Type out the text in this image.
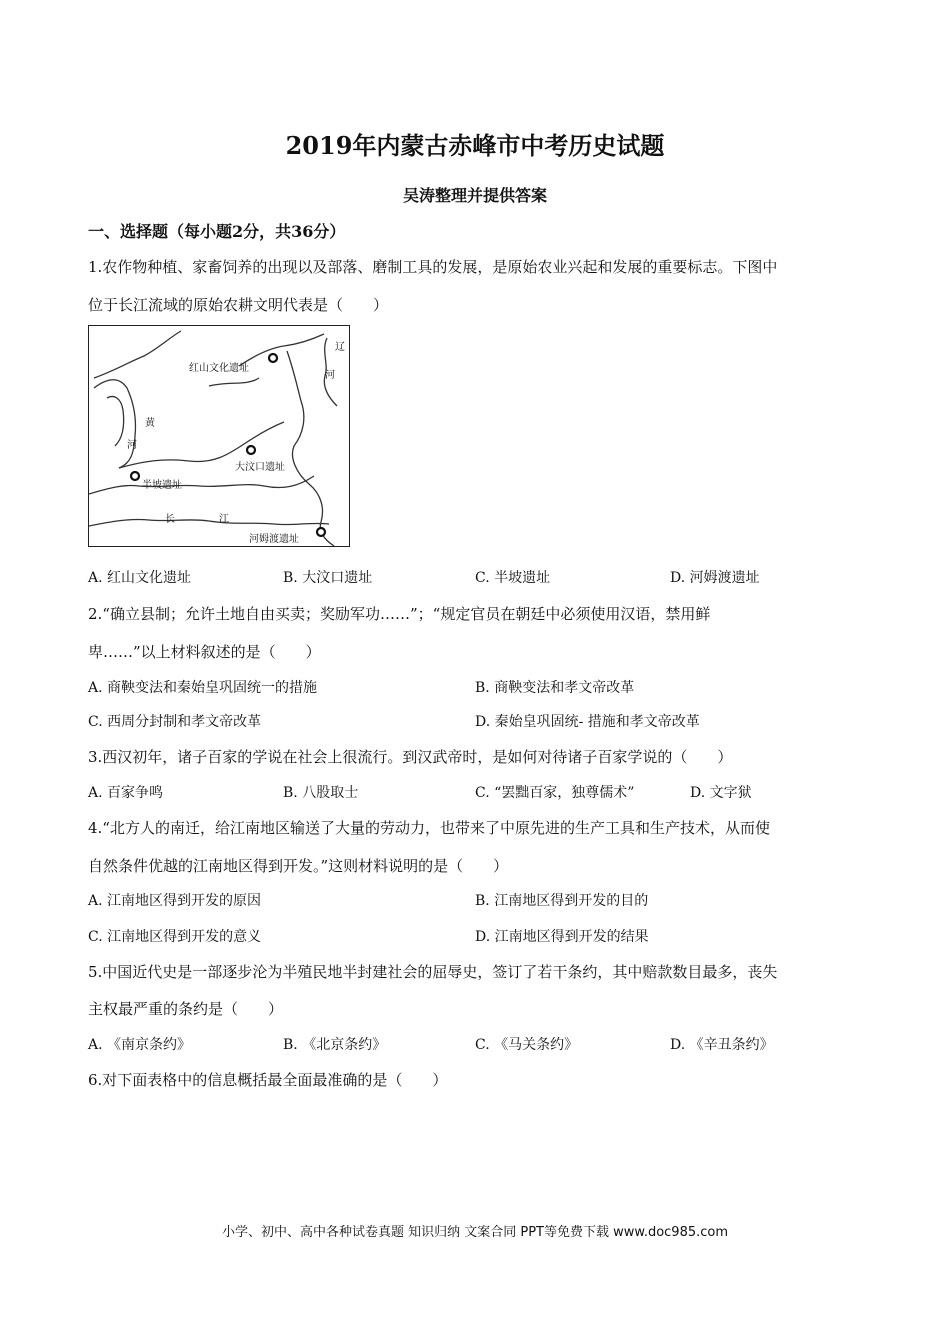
2019年内蒙古赤峰市中考历史试题
吴涛整理并提供答案
一、选择题（每小题2分，共36分）
1.农作物种植、家畜饲养的出现以及部落、磨制工具的发展，是原始农业兴起和发展的重要标志。下图中
位于长江流域的原始农耕文明代表是（　　）
红山文化遗址
大汶口遗址
半坡遗址
河姆渡遗址
辽
河
黄
河
长	江
A. 红山文化遗址	B. 大汶口遗址	C. 半坡遗址	D. 河姆渡遗址
2.“确立县制；允许土地自由买卖；奖励军功……”；“规定官员在朝廷中必须使用汉语，禁用鲜
卑……”以上材料叙述的是（　　）
A. 商鞅变法和秦始皇巩固统一的措施	B. 商鞅变法和孝文帝改革
C. 西周分封制和孝文帝改革	D. 秦始皇巩固统- 措施和孝文帝改革
3.西汉初年，诸子百家的学说在社会上很流行。到汉武帝时，是如何对待诸子百家学说的（　　）
A. 百家争鸣	B. 八股取士	C. “罢黜百家，独尊儒术”	D. 文字狱
4.“北方人的南迁，给江南地区输送了大量的劳动力，也带来了中原先进的生产工具和生产技术，从而使
自然条件优越的江南地区得到开发。”这则材料说明的是（　　）
A. 江南地区得到开发的原因	B. 江南地区得到开发的目的
C. 江南地区得到开发的意义	D. 江南地区得到开发的结果
5.中国近代史是一部逐步沦为半殖民地半封建社会的屈辱史，签订了若干条约，其中赔款数目最多，丧失
主权最严重的条约是（　　）
A. 《南京条约》	B. 《北京条约》	C. 《马关条约》	D. 《辛丑条约》
6.对下面表格中的信息概括最全面最准确的是（　　）
小学、初中、高中各种试卷真题 知识归纳 文案合同 PPT等免费下载 www.doc985.com
